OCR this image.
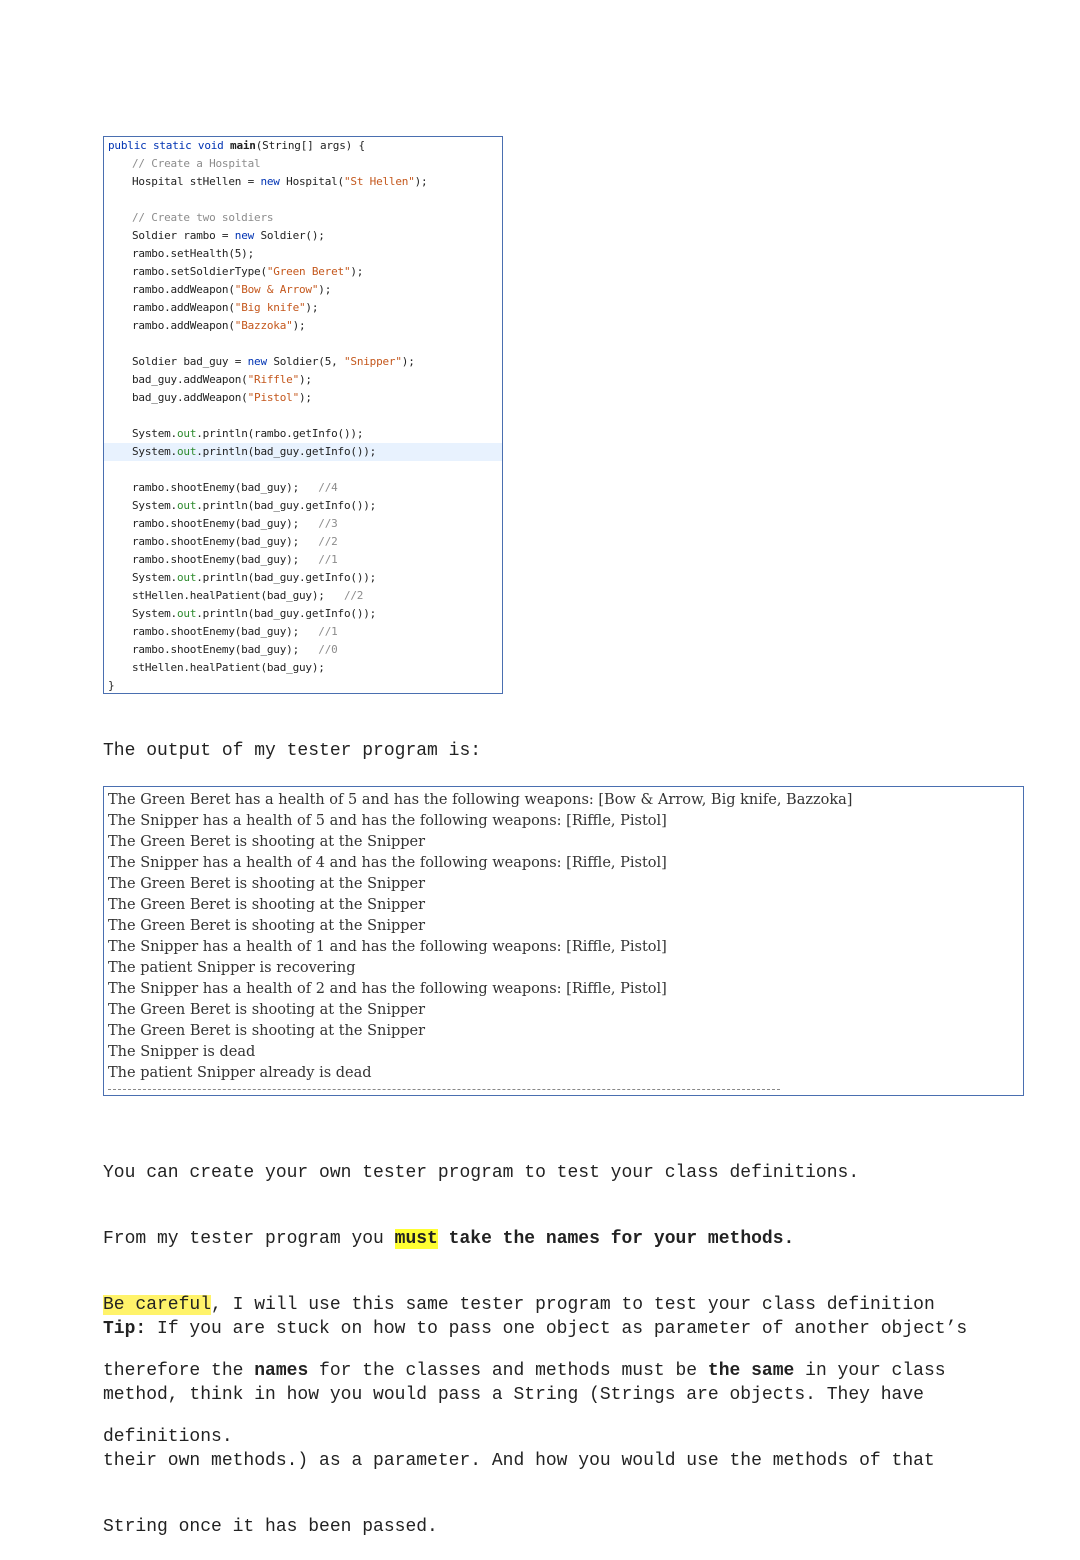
public static void main(String[] args) {
// Create a Hospital
Hospital stHellen = new Hospital("St Hellen");
// Create two soldiers
Soldier rambo = new Soldier();
rambo.setHealth(5);
rambo.setSoldierType("Green Beret");
rambo.addWeapon("Bow & Arrow");
rambo.addWeapon("Big knife");
rambo.addWeapon("Bazzoka");
Soldier bad_guy = new Soldier(5, "Snipper");
bad_guy.addWeapon("Riffle");
bad_guy.addWeapon("Pistol");
System.out.println(rambo.getInfo());
System.out.println(bad_guy.getInfo());
rambo.shootEnemy(bad_guy);   //4
System.out.println(bad_guy.getInfo());
rambo.shootEnemy(bad_guy);   //3
rambo.shootEnemy(bad_guy);   //2
rambo.shootEnemy(bad_guy);   //1
System.out.println(bad_guy.getInfo());
stHellen.healPatient(bad_guy);   //2
System.out.println(bad_guy.getInfo());
rambo.shootEnemy(bad_guy);   //1
rambo.shootEnemy(bad_guy);   //0
stHellen.healPatient(bad_guy);
}
The output of my tester program is:
The Green Beret has a health of 5 and has the following weapons: [Bow & Arrow, Big knife, Bazzoka]
The Snipper has a health of 5 and has the following weapons: [Riffle, Pistol]
The Green Beret is shooting at the Snipper
The Snipper has a health of 4 and has the following weapons: [Riffle, Pistol]
The Green Beret is shooting at the Snipper
The Green Beret is shooting at the Snipper
The Green Beret is shooting at the Snipper
The Snipper has a health of 1 and has the following weapons: [Riffle, Pistol]
The patient Snipper is recovering
The Snipper has a health of 2 and has the following weapons: [Riffle, Pistol]
The Green Beret is shooting at the Snipper
The Green Beret is shooting at the Snipper
The Snipper is dead
The patient Snipper already is dead

You can create your own tester program to test your class definitions.

From my tester program you must take the names for your methods.

Be careful, I will use this same tester program to test your class definition

therefore the names for the classes and methods must be the same in your class

definitions.

Tip: If you are stuck on how to pass one object as parameter of another object’s

method, think in how you would pass a String (Strings are objects. They have

their own methods.) as a parameter. And how you would use the methods of that

String once it has been passed.
